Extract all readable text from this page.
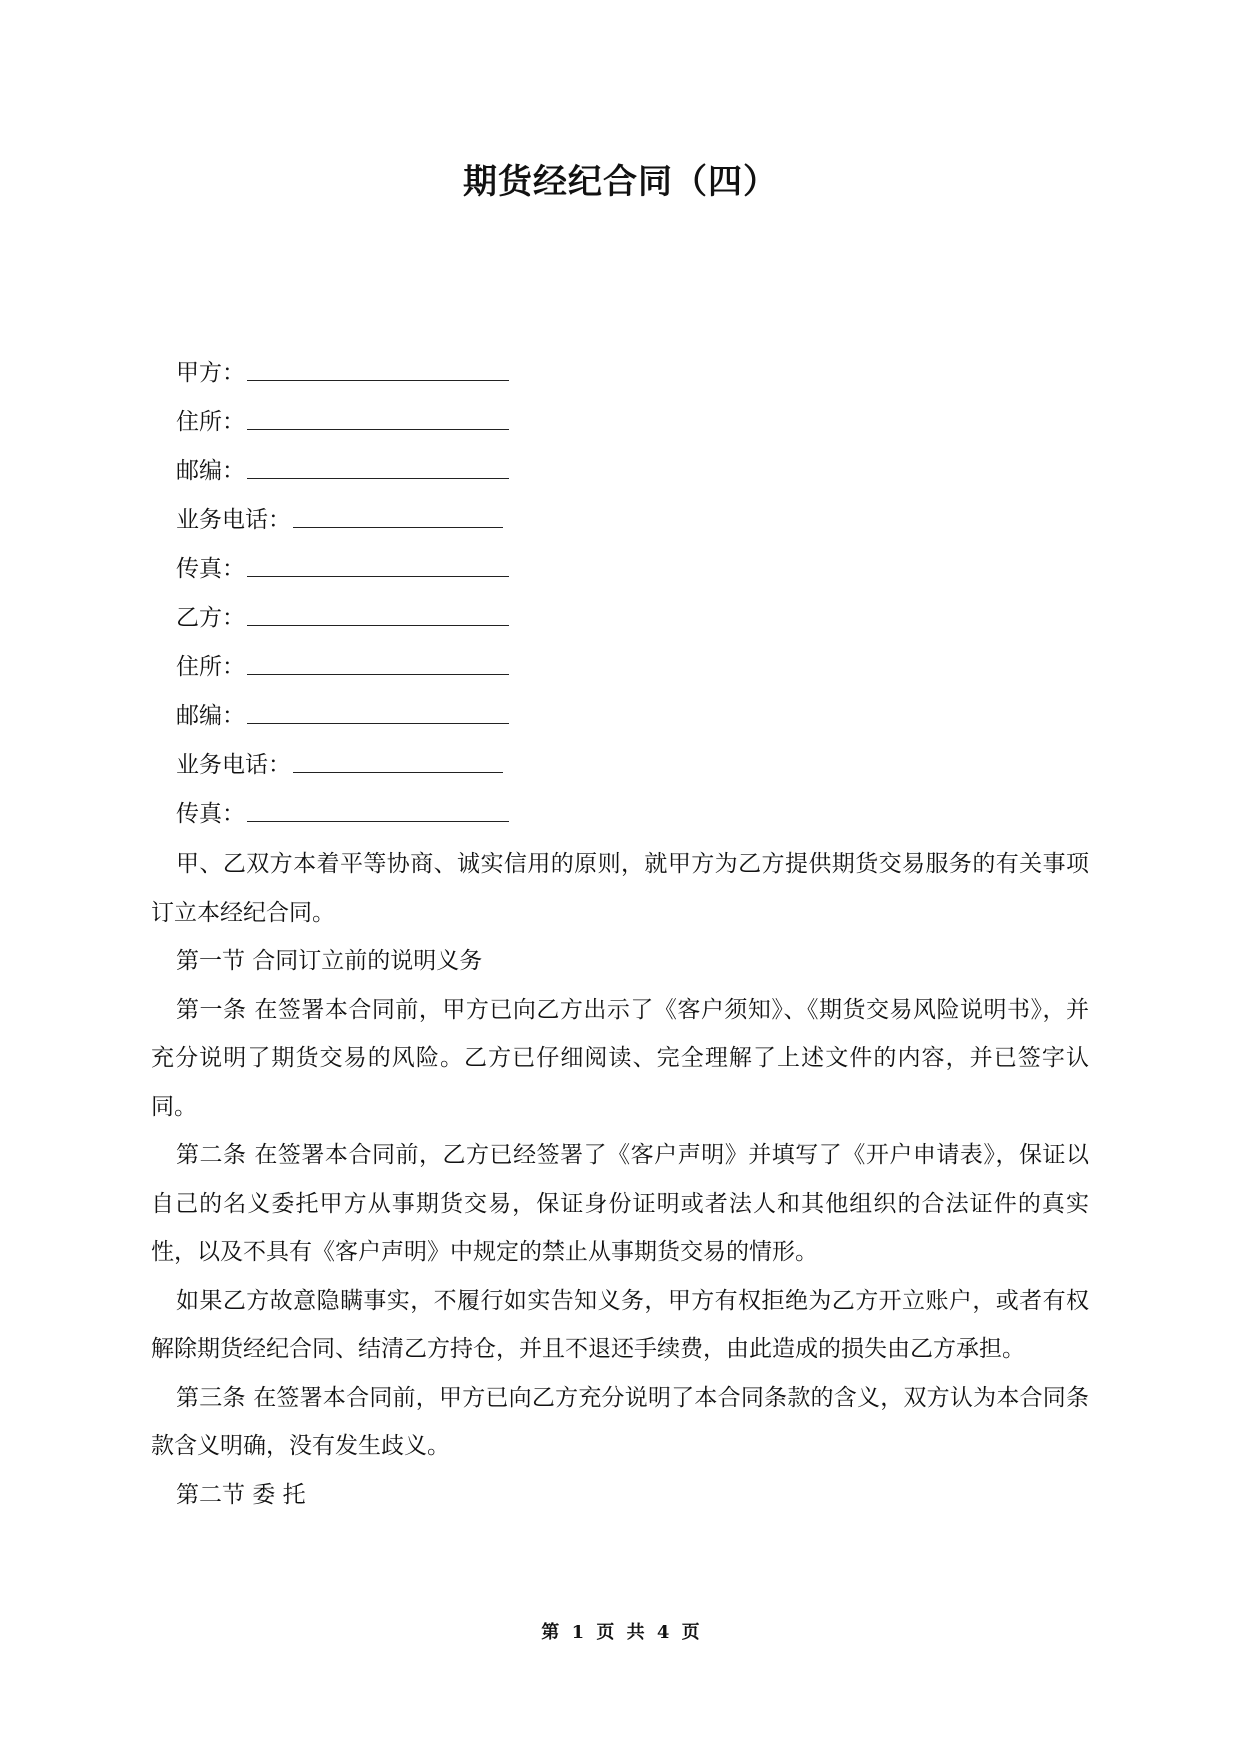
期货经纪合同（四）
甲方：
住所：
邮编：
业务电话：
传真：
乙方：
住所：
邮编：
业务电话：
传真：

甲、乙双方本着平等协商、诚实信用的原则，就甲方为乙方提供期货交易服务的有关事项订立本经纪合同。

第一节 合同订立前的说明义务

第一条 在签署本合同前，甲方已向乙方出示了《客户须知》、《期货交易风险说明书》，并充分说明了期货交易的风险。乙方已仔细阅读、完全理解了上述文件的内容，并已签字认同。

第二条 在签署本合同前，乙方已经签署了《客户声明》并填写了《开户申请表》，保证以自己的名义委托甲方从事期货交易，保证身份证明或者法人和其他组织的合法证件的真实性，以及不具有《客户声明》中规定的禁止从事期货交易的情形。

如果乙方故意隐瞒事实，不履行如实告知义务，甲方有权拒绝为乙方开立账户，或者有权解除期货经纪合同、结清乙方持仓，并且不退还手续费，由此造成的损失由乙方承担。

第三条 在签署本合同前，甲方已向乙方充分说明了本合同条款的含义，双方认为本合同条款含义明确，没有发生歧义。

第二节 委 托

第 1 页 共 4 页
